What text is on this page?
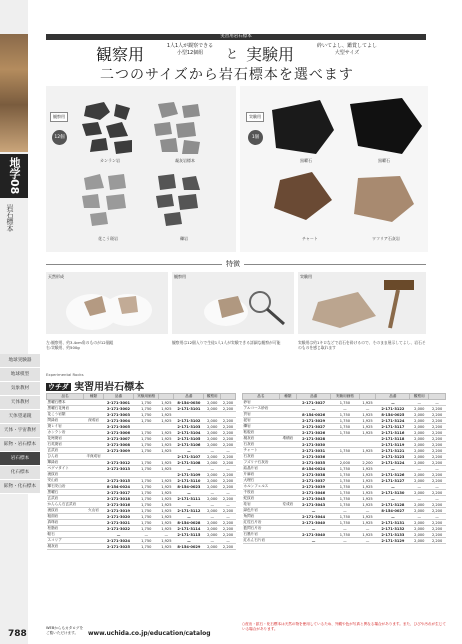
地学08
岩石標本
地球実験器
地球模型
気象教材
天体教材
天体望遠鏡
天体・宇宙教材
鉱物・岩石標本
岩石標本
化石標本
鉱物・化石標本
実習用岩石標本
観察用	1人1人が観察できる
小型12個組	と 実験用	砕いてよし、鑑賞してよし
大型サイズ
二つのサイズから岩石標本を選べます
観察用
12個
カンラン岩	凝灰岩標本
花こう斑岩	礫岩
実験用
1個
黒曜石	黒曜石
チャート	ワフリア石灰岩
特徴
天然形成	観察用	実験用
左:観察用、約3.4cm角のものが12個組
右:実験用、約500g
観察用は12個入りで生徒1人1人が実験できる詳細な観察が可能	実験用は約1キロなどで岩石を砕けるので、そのまま展示してよし、岩石そのものを感じ取れます
Experimental Rocks
ウチダ 実習用岩石標本
品名	種類	品番	実験用価格		品番	観察用	
黒曜石標本		2-171-3001	1,750	1,925	8-154-0030	2,000	2,200
黒曜石花崗岩		2-171-3002	1,750	1,925	2-171-3101	2,000	2,200
花こう岩類		2-171-3003	1,750	1,925			
閃緑岩	深成岩	2-171-3004	1,750	1,925	2-171-3102	2,000	2,200
斑レイ岩		2-171-3005			2-171-3103	2,000	2,200
カンラン岩		2-171-3006	1,750	1,925	2-171-3104	2,000	2,200
花崗斑岩		2-171-3007	1,750	1,925	2-171-3105	2,000	2,200
石英斑岩		2-171-3008	1,750	1,925	2-171-3106	2,000	2,200
玄武岩		2-171-3009	1,750	1,925	—	—	—
ひん岩	半深成岩				2-171-3107	2,000	2,200
輝緑岩		2-171-3012	1,750	1,925	2-171-3108	2,000	2,200
ペグマタイト		2-171-3013	1,750	1,925	—	—	—
流紋岩					2-171-3109	2,000	2,200
安山岩		2-171-3015	1,750	1,925	2-171-3110	2,000	2,200
輝石安山岩		8-154-0024	1,750	1,925	8-154-0023	2,000	2,200
黒曜石		2-171-3017	1,750	1,925	—	—	—
玄武岩		2-171-3018	1,750	1,925	2-171-3111	2,000	2,200
かんらん石玄武岩		2-171-3016	1,750	1,925	—	—	—
流紋岩	火山岩	2-171-3019	1,750	1,925	2-171-3112	2,000	2,200
粗面岩		2-171-3020	1,750	1,925	—	—	—
真珠岩		2-171-3021	1,750	1,925	8-154-0028	2,000	2,200
松脂岩		2-171-3022	1,750	1,925	2-171-3114	2,000	2,200
軽石		—	—	—	2-171-3115	2,000	2,200
スコリア		2-171-3024	1,750	1,925	—	—	—
凝灰岩		2-171-3025	1,750	1,925	8-154-0029	2,000	2,200
品名	種類	品番	実験用価格		品番	観察用	
砂岩		2-171-3027	1,750	1,925	—	—	—
アルコース砂岩		—	—	—	2-171-3122	2,000	2,200
頁岩		8-154-0026	1,750	1,925	8-154-0025	2,000	2,200
泥岩		2-171-3029	1,750	1,925	2-171-3124	2,000	2,200
礫岩		2-171-3027	1,750	1,925	2-171-3117	2,000	2,200
粘板岩		2-171-3026	1,750	1,925	2-171-3116	2,000	2,200
凝灰岩	堆積岩	2-171-3028			2-171-3118	2,000	2,200
石灰岩		2-171-3030			2-171-3119	2,000	2,200
チャート		2-171-3031	1,750	1,925	2-171-3121	2,000	2,200
石灰岩		2-171-3036			2-171-3123	2,000	2,200
フズリナ石灰岩		2-171-3035	2,000	2,200	2-171-3124	2,000	2,200
結晶片岩		8-154-0024	1,750	1,925	—	—	—
片麻岩		2-171-3038	1,750	1,925	2-171-3126	2,000	2,200
大理石		2-171-3037	1,750	1,925	2-171-3127	2,000	2,200
ホルンフェルス		2-171-3039	1,750	1,925	—	—	—
千枚岩		2-171-3046	1,750	1,925	2-171-3130	2,000	2,200
蛇紋岩		2-171-3045	1,750	1,925	—	—	—
珪岩	変成岩	2-171-3043	1,750	1,925	2-171-3128	2,000	2,200
緑色片岩		—	—	—	8-154-0027	2,000	2,200
角閃岩		2-171-3044	1,750	1,925	—	—	—
紅柱石片岩		2-171-3040	1,750	1,925	2-171-3131	2,000	2,200
藍閃石片岩		—	—	—	2-171-3132	2,000	2,200
石墨片岩		2-171-3040	1,750	1,925	2-171-3133	2,000	2,200
紅れん石片岩		—	—	—	2-171-3129	2,000	2,200
○産出・鉱石・化石標本は天然の物を使用しているため、外観や色が写真と異なる場合があります。また、ひびや汚れが生じている場合があります。
788
WEBからもカタログを
ご覧いただけます。	www.uchida.co.jp/education/catalog
